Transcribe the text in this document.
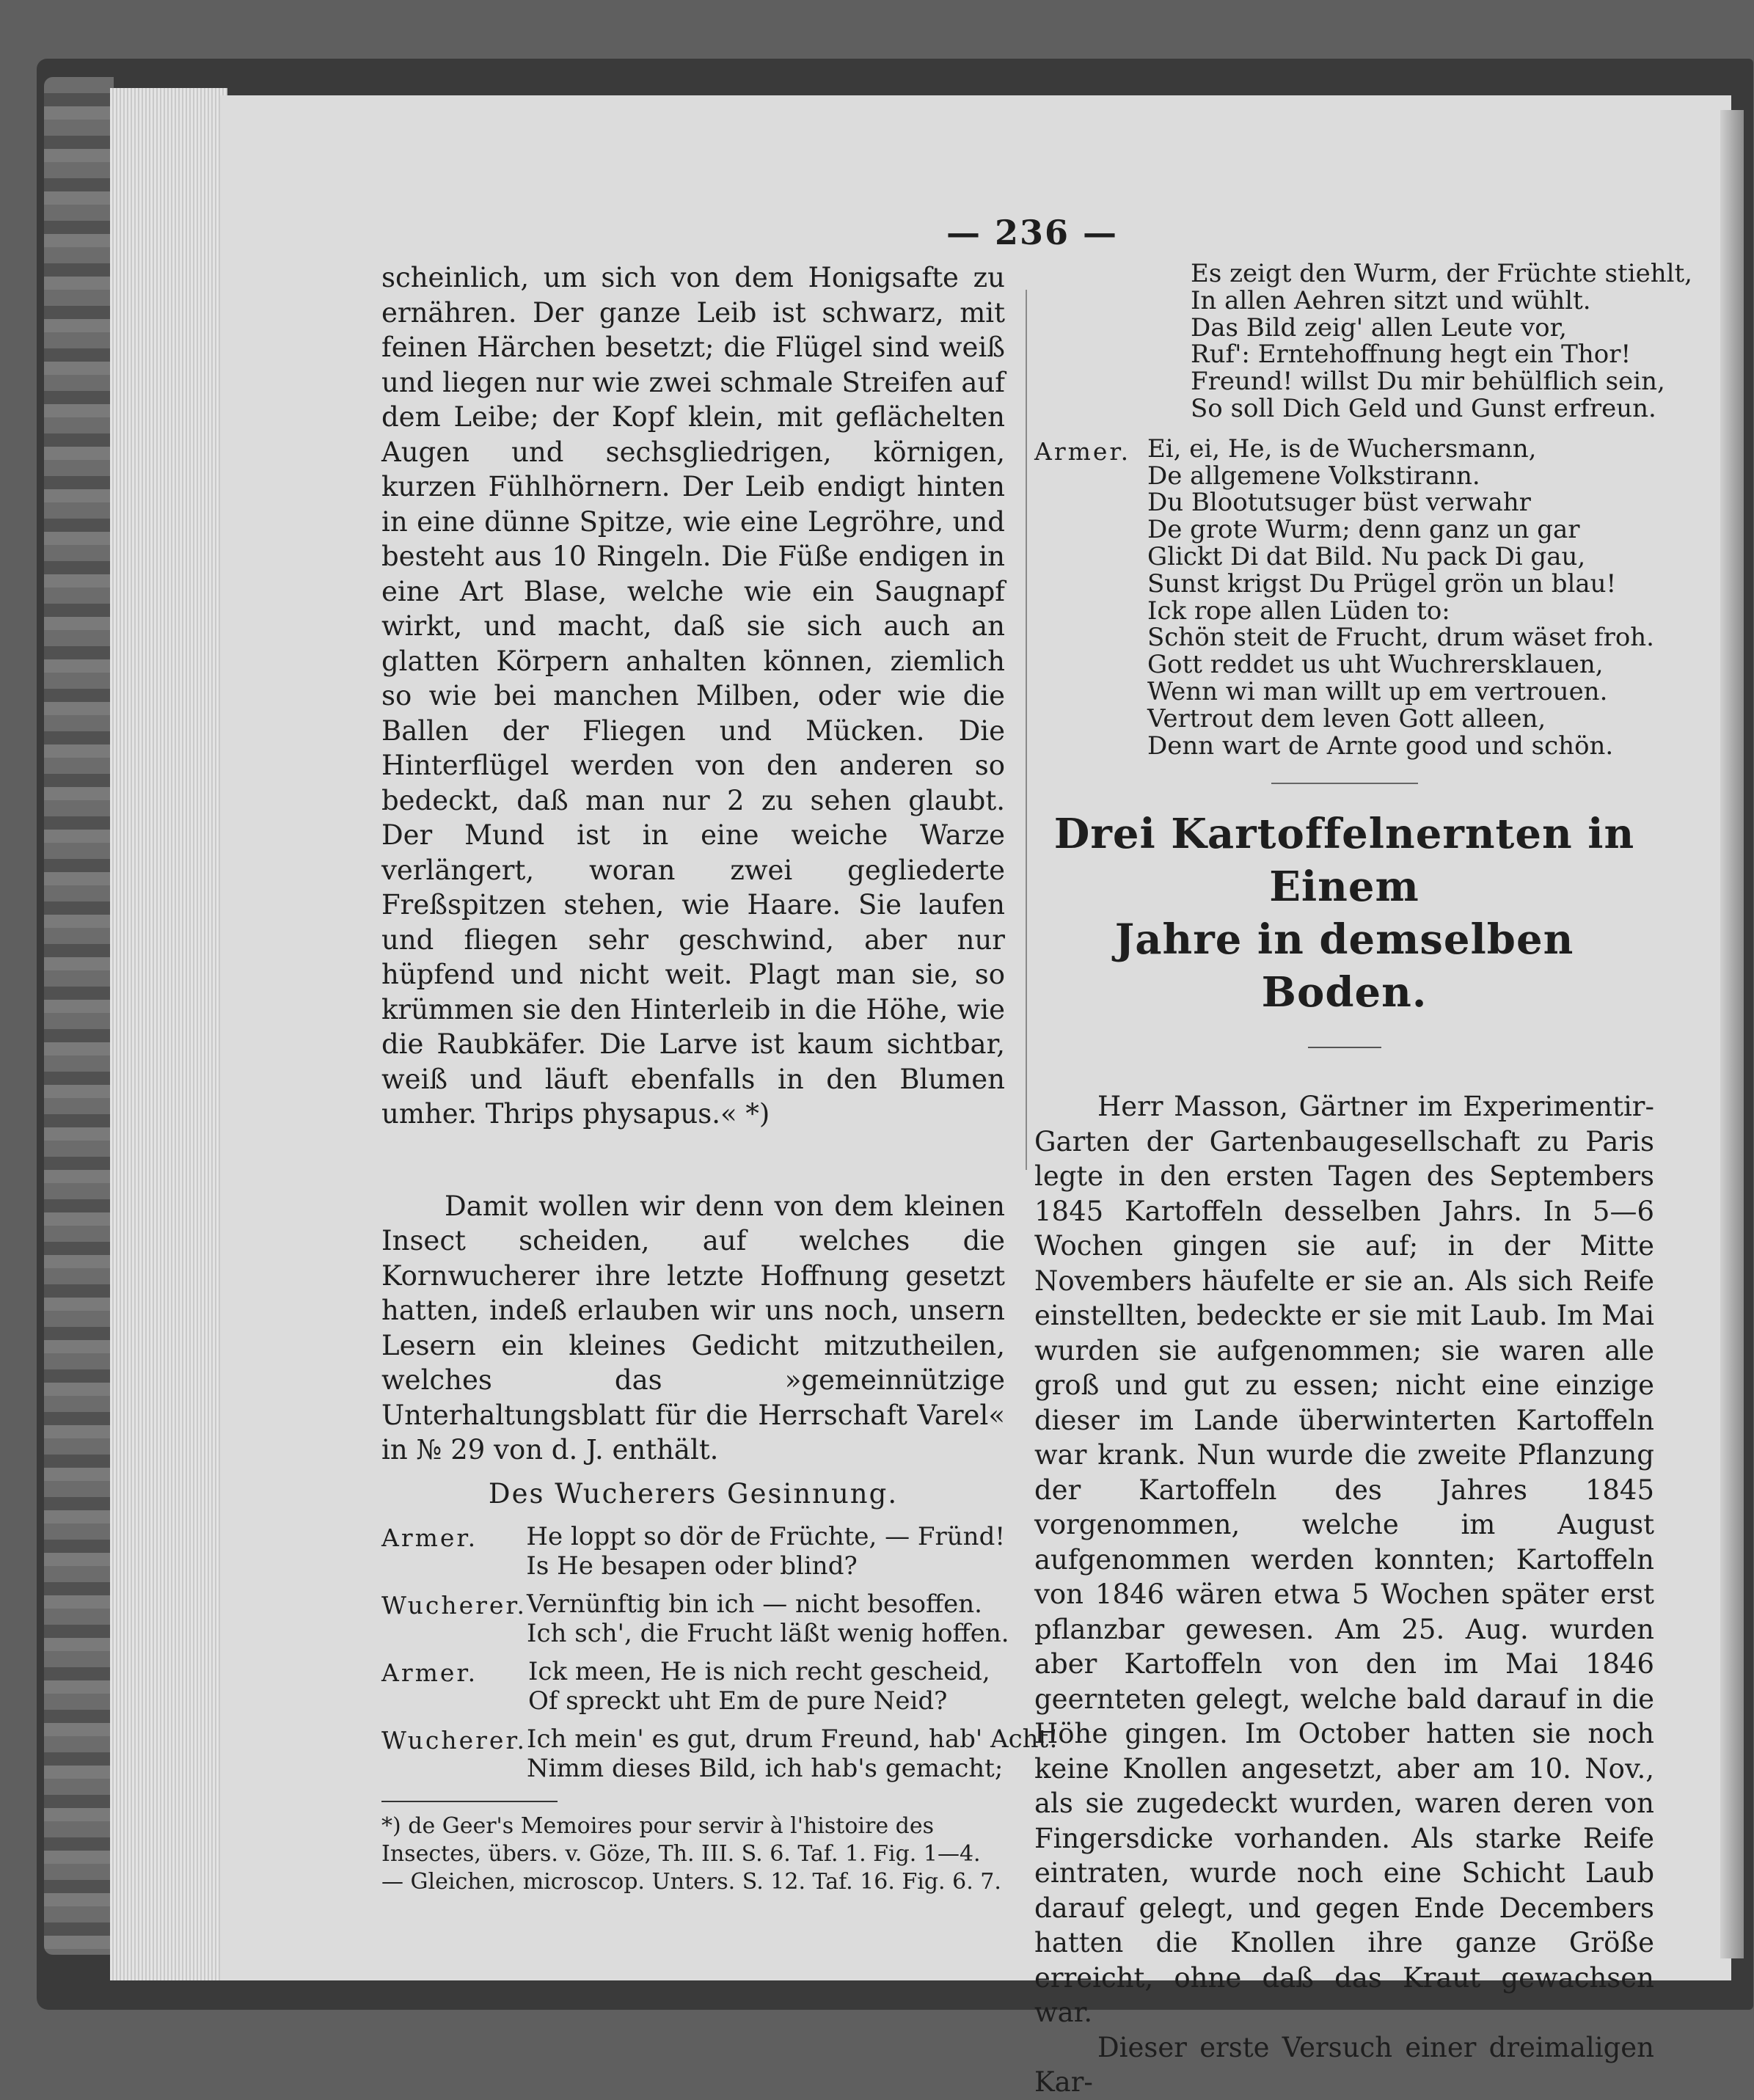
— 236 —

scheinlich, um sich von dem Honigsafte zu ernähren. Der ganze Leib ist schwarz, mit feinen Härchen besetzt; die Flügel sind weiß und liegen nur wie zwei schmale Streifen auf dem Leibe; der Kopf klein, mit geflächelten Augen und sechsgliedrigen, körnigen, kurzen Fühlhörnern. Der Leib endigt hinten in eine dünne Spitze, wie eine Legröhre, und besteht aus 10 Ringeln. Die Füße endigen in eine Art Blase, welche wie ein Saugnapf wirkt, und macht, daß sie sich auch an glatten Körpern anhalten können, ziemlich so wie bei manchen Milben, oder wie die Ballen der Fliegen und Mücken. Die Hinterflügel werden von den anderen so bedeckt, daß man nur 2 zu sehen glaubt. Der Mund ist in eine weiche Warze verlängert, woran zwei gegliederte Freßspitzen stehen, wie Haare. Sie laufen und fliegen sehr geschwind, aber nur hüpfend und nicht weit. Plagt man sie, so krümmen sie den Hinterleib in die Höhe, wie die Raubkäfer. Die Larve ist kaum sichtbar, weiß und läuft ebenfalls in den Blumen umher. Thrips physapus.« *)

Damit wollen wir denn von dem kleinen Insect scheiden, auf welches die Kornwucherer ihre letzte Hoffnung gesetzt hatten, indeß erlauben wir uns noch, unsern Lesern ein kleines Gedicht mitzutheilen, welches das »gemeinnützige Unterhaltungsblatt für die Herrschaft Varel« in № 29 von d. J. enthält.

Des Wucherers Gesinnung.
Armer.	He loppt so dör de Früchte, — Fründ!
Is He besapen oder blind?
Wucherer. Vernünftig bin ich — nicht besoffen.
Ich sch', die Frucht läßt wenig hoffen.
Armer.	Ick meen, He is nich recht gescheid,
Of spreckt uht Em de pure Neid?
Wucherer. Ich mein' es gut, drum Freund, hab' Acht!
Nimm dieses Bild, ich hab's gemacht;
*) de Geer's Memoires pour servir à l'histoire des Insectes, übers. v. Göze, Th. III. S. 6. Taf. 1. Fig. 1—4. — Gleichen, microscop. Unters. S. 12. Taf. 16. Fig. 6. 7.
Es zeigt den Wurm, der Früchte stiehlt,
In allen Aehren sitzt und wühlt.
Das Bild zeig' allen Leute vor,
Ruf': Erntehoffnung hegt ein Thor!
Freund! willst Du mir behülflich sein,
So soll Dich Geld und Gunst erfreun.
Armer. Ei, ei, He, is de Wuchersmann,
De allgemene Volkstirann.
Du Blootutsuger büst verwahr
De grote Wurm; denn ganz un gar
Glickt Di dat Bild. Nu pack Di gau,
Sunst krigst Du Prügel grön un blau!
Ick rope allen Lüden to:
Schön steit de Frucht, drum wäset froh.
Gott reddet us uht Wuchrersklauen,
Wenn wi man willt up em vertrouen.
Vertrout dem leven Gott alleen,
Denn wart de Arnte good und schön.
Drei Kartoffelnernten in Einem
Jahre in demselben Boden.

Herr Masson, Gärtner im Experimentir-Garten der Gartenbaugesellschaft zu Paris legte in den ersten Tagen des Septembers 1845 Kartoffeln desselben Jahrs. In 5—6 Wochen gingen sie auf; in der Mitte Novembers häufelte er sie an. Als sich Reife einstellten, bedeckte er sie mit Laub. Im Mai wurden sie aufgenommen; sie waren alle groß und gut zu essen; nicht eine einzige dieser im Lande überwinterten Kartoffeln war krank. Nun wurde die zweite Pflanzung der Kartoffeln des Jahres 1845 vorgenommen, welche im August aufgenommen werden konnten; Kartoffeln von 1846 wären etwa 5 Wochen später erst pflanzbar gewesen. Am 25. Aug. wurden aber Kartoffeln von den im Mai 1846 geernteten gelegt, welche bald darauf in die Höhe gingen. Im October hatten sie noch keine Knollen angesetzt, aber am 10. Nov., als sie zugedeckt wurden, waren deren von Fingersdicke vorhanden. Als starke Reife eintraten, wurde noch eine Schicht Laub darauf gelegt, und gegen Ende Decembers hatten die Knollen ihre ganze Größe erreicht, ohne daß das Kraut gewachsen war.

Dieser erste Versuch einer dreimaligen Kar-
